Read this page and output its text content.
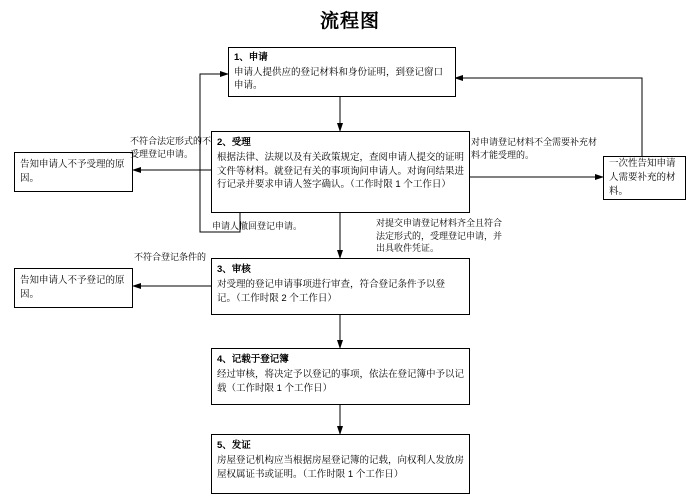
流程图
1、申请
申请人提供应的登记材料和身份证明，到登记窗口申请。
2、受理
根据法律、法规以及有关政策规定，查阅申请人提交的证明文件等材料。就登记有关的事项询问申请人。对询问结果进行记录并要求申请人签字确认。（工作时限 1 个工作日）
3、审核
对受理的登记申请事项进行审查，符合登记条件予以登记。（工作时限 2 个工作日）
4、记载于登记簿
经过审核，将决定予以登记的事项，依法在登记簿中予以记载（工作时限 1 个工作日）
5、发证
房屋登记机构应当根据房屋登记簿的记载，向权利人发放房屋权属证书或证明。（工作时限 1 个工作日）
告知申请人不予受理的原因。
告知申请人不予登记的原因。
一次性告知申请人需要补充的材料。
不符合法定形式的不受理登记申请。
对申请登记材料不全需要补充材料才能受理的。
申请人撤回登记申请。	对提交申请登记材料齐全且符合法定形式的，受理登记申请，并出具收件凭证。
不符合登记条件的
